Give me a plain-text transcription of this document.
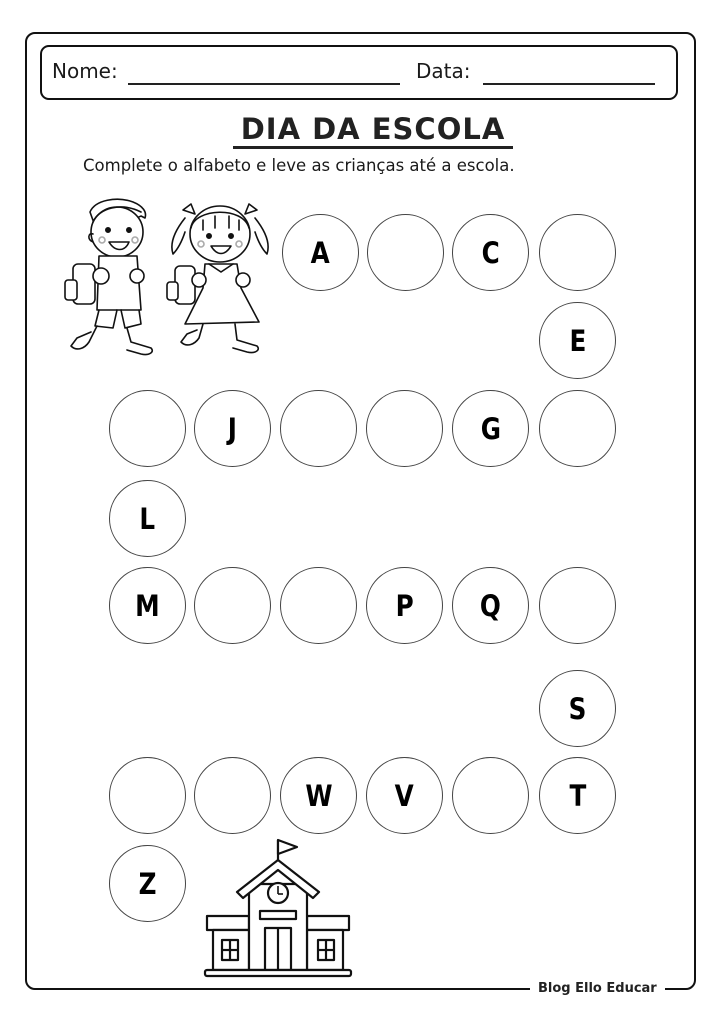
Nome:	Data:
DIA DA ESCOLA
Complete o alfabeto e leve as crianças até a escola.
A	C
E
G
J
L
M	P Q
S
T
V
W
Z
Blog Ello Educar
